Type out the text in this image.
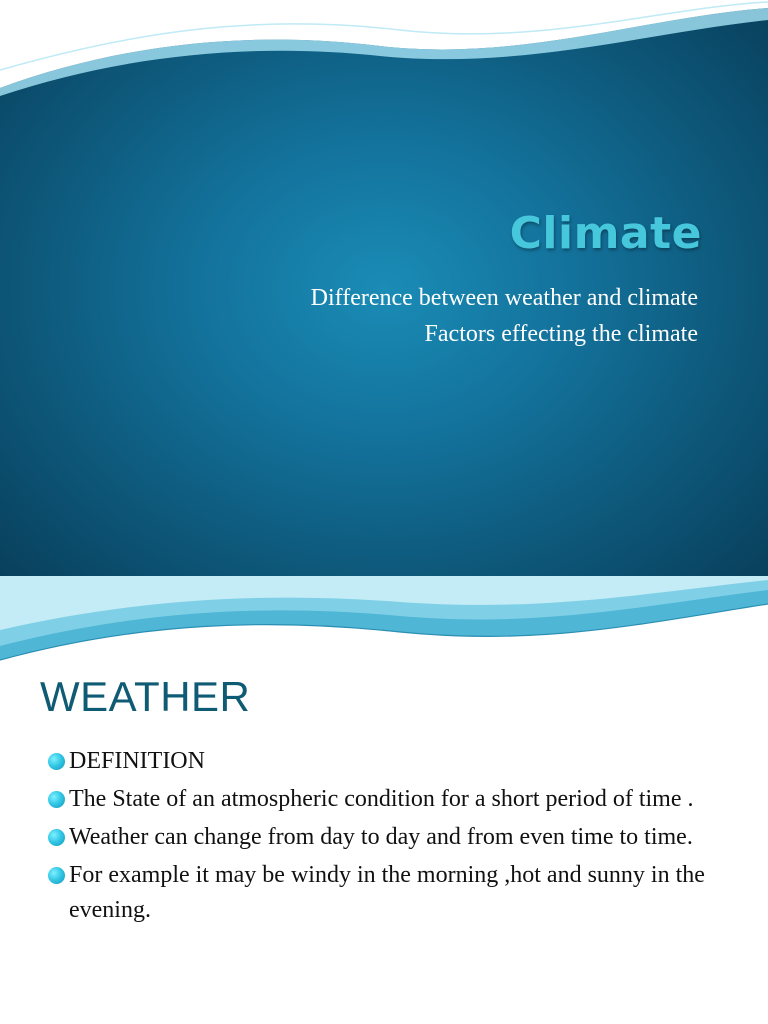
Climate
Difference between weather and climate
Factors effecting the climate
WEATHER
DEFINITION
The State of an atmospheric condition for a short period of time .
Weather can change from day to day and from even time to time.
For example it may be windy in the morning ,hot and sunny in the evening.
